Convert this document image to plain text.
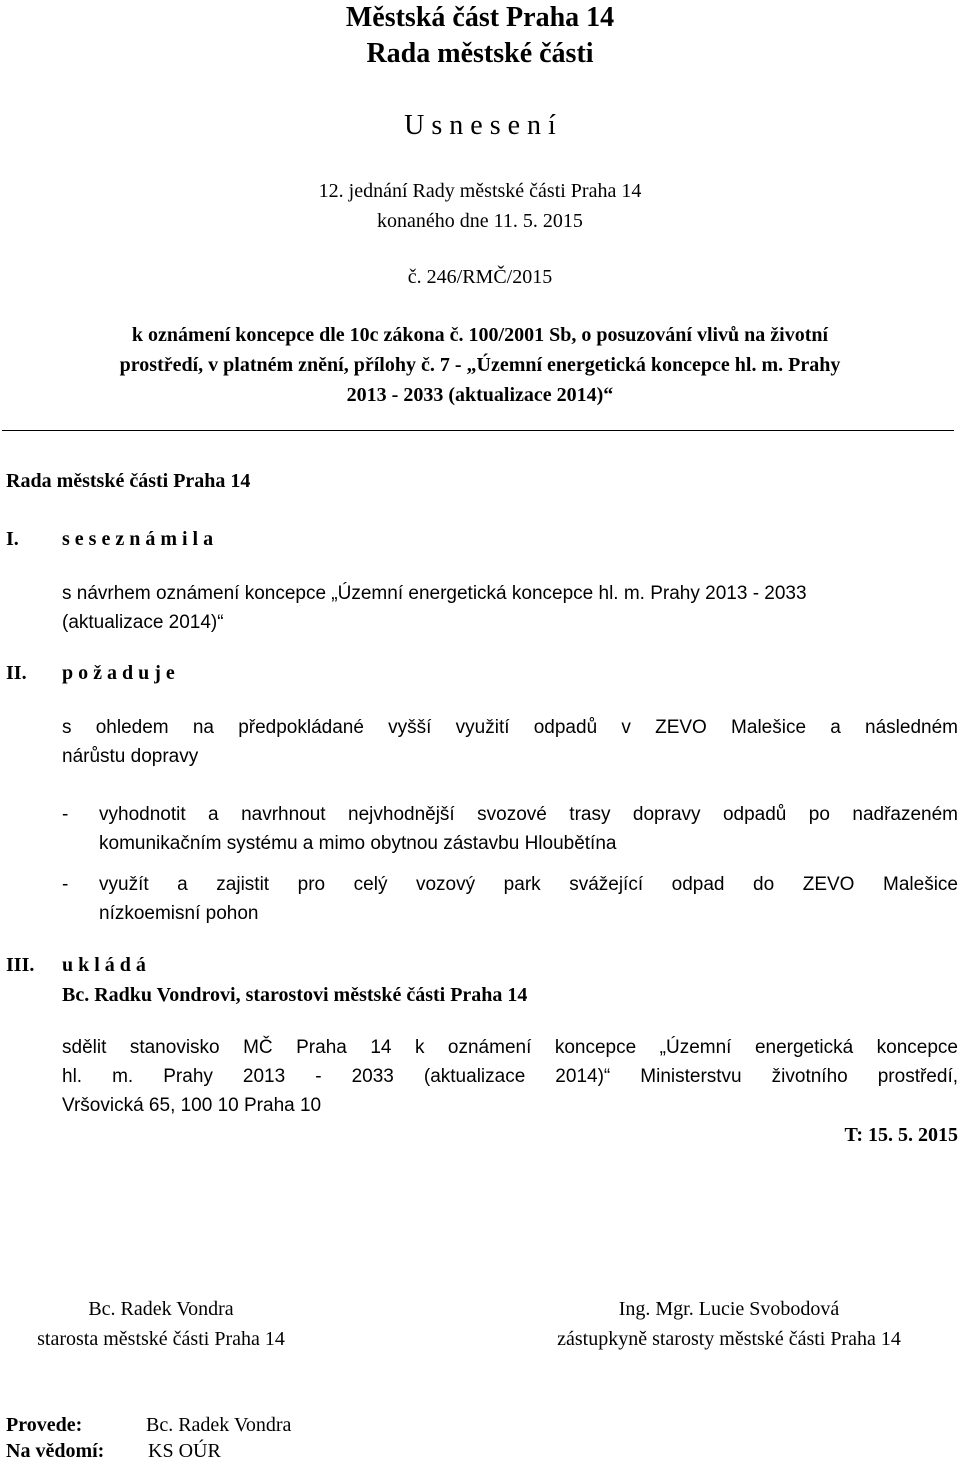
Městská část Praha 14
Rada městské části
U s n e s e n í
12. jednání Rady městské části Praha 14
konaného dne 11. 5. 2015
č. 246/RMČ/2015
k oznámení koncepce dle 10c zákona č. 100/2001 Sb, o posuzování vlivů na životní
prostředí, v platném znění, přílohy č. 7 - „Územní energetická koncepce hl. m. Prahy
2013 - 2033 (aktualizace 2014)“
Rada městské části Praha 14
I. s e s e z n á m i l a
s návrhem oznámení koncepce „Územní energetická koncepce hl. m. Prahy 2013 - 2033
(aktualizace 2014)“
II. p o ž a d u j e
s ohledem na předpokládané vyšší využití odpadů v ZEVO Malešice a následném
nárůstu dopravy
- vyhodnotit a navrhnout nejvhodnější svozové trasy dopravy odpadů po nadřazeném
komunikačním systému a mimo obytnou zástavbu Hloubětína
- využít a zajistit pro celý vozový park svážející odpad do ZEVO Malešice
nízkoemisní pohon
III. u k l á d á
Bc. Radku Vondrovi, starostovi městské části Praha 14
sdělit stanovisko MČ Praha 14 k oznámení koncepce „Územní energetická koncepce
hl. m. Prahy 2013 - 2033 (aktualizace 2014)“ Ministerstvu životního prostředí,
Vršovická 65, 100 10 Praha 10
T: 15. 5. 2015
Bc. Radek Vondra
starosta městské části Praha 14
Ing. Mgr. Lucie Svobodová
zástupkyně starosty městské části Praha 14
Provede:	Bc. Radek Vondra
Na vědomí: KS OÚR
